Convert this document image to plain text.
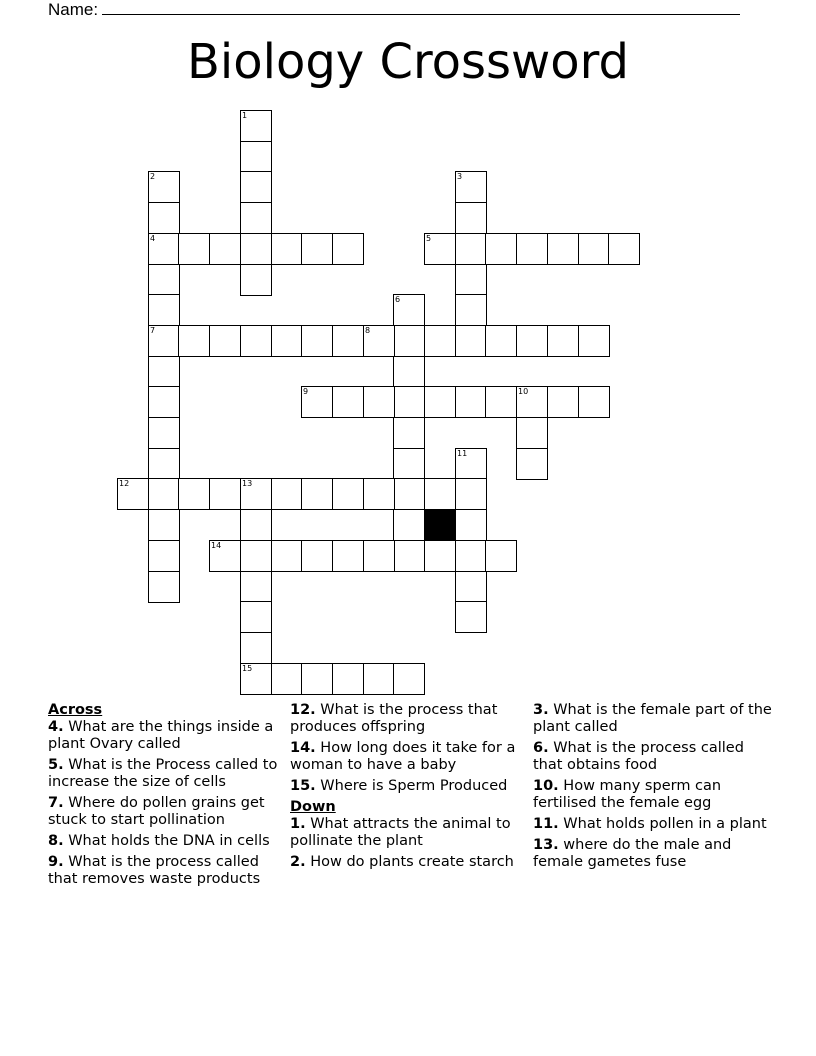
Name:
Biology Crossword
1
2
4
7
3
5
6
8
9	10
11
12	13
15
14

Across

4. What are the things inside a plant Ovary called

5. What is the Process called to increase the size of cells

7. Where do pollen grains get stuck to start pollination

8. What holds the DNA in cells

9. What is the process called that removes waste products

12. What is the process that produces offspring

14. How long does it take for a woman to have a baby

15. Where is Sperm Produced

Down

1. What attracts the animal to pollinate the plant

2. How do plants create starch

3. What is the female part of the plant called

6. What is the process called that obtains food

10. How many sperm can fertilised the female egg

11. What holds pollen in a plant

13. where do the male and female gametes fuse
